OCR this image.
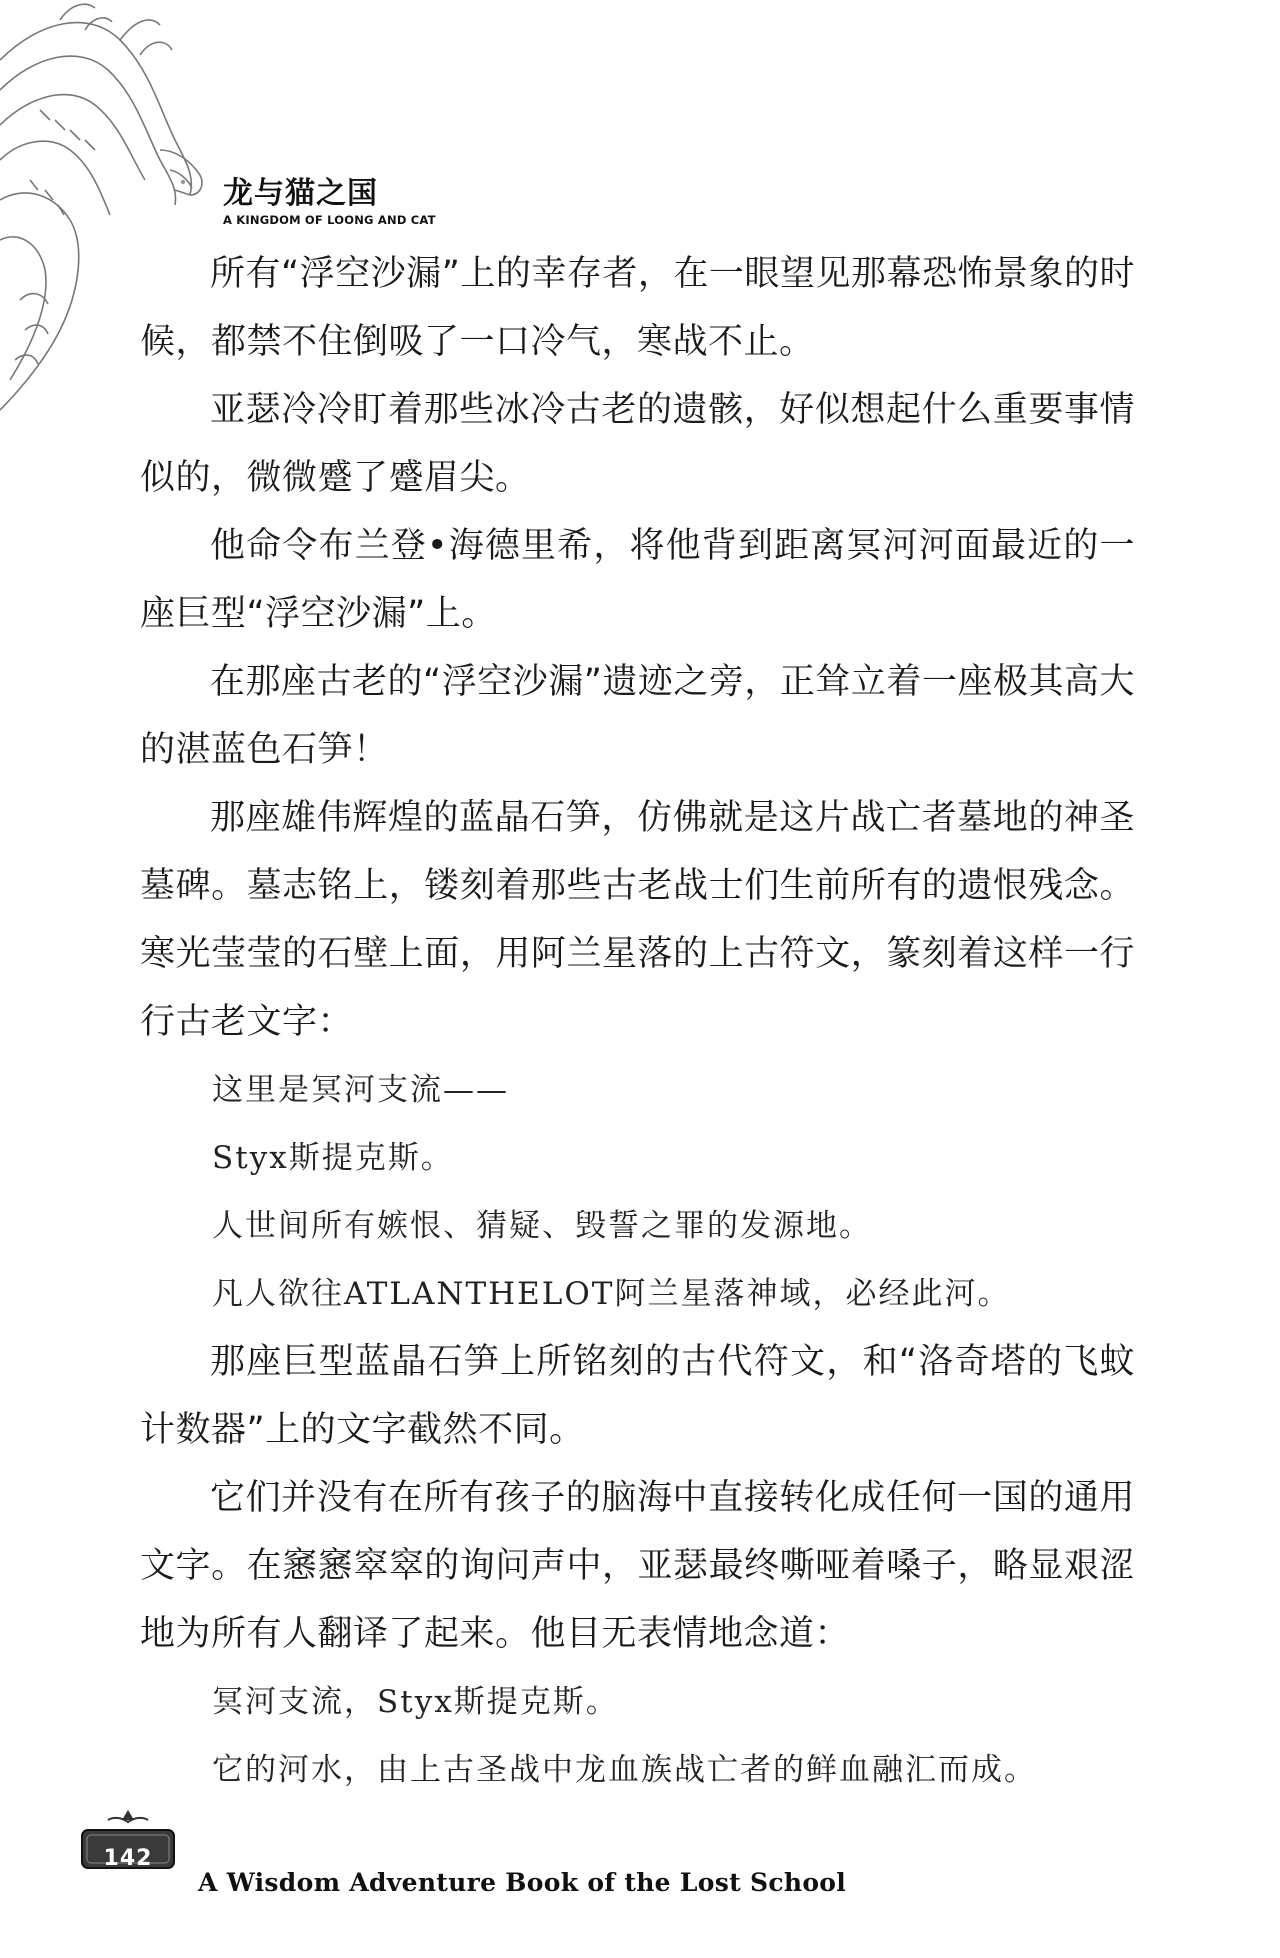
龙与猫之国
A KINGDOM OF LOONG AND CAT

所有“浮空沙漏”上的幸存者，在一眼望见那幕恐怖景象的时候，都禁不住倒吸了一口冷气，寒战不止。

亚瑟冷冷盯着那些冰冷古老的遗骸，好似想起什么重要事情似的，微微蹙了蹙眉尖。

他命令布兰登•海德里希，将他背到距离冥河河面最近的一座巨型“浮空沙漏”上。

在那座古老的“浮空沙漏”遗迹之旁，正耸立着一座极其高大的湛蓝色石笋！

那座雄伟辉煌的蓝晶石笋，仿佛就是这片战亡者墓地的神圣墓碑。墓志铭上，镂刻着那些古老战士们生前所有的遗恨残念。寒光莹莹的石壁上面，用阿兰星落的上古符文，篆刻着这样一行行古老文字：

这里是冥河支流——

Styx斯提克斯。

人世间所有嫉恨、猜疑、毁誓之罪的发源地。

凡人欲往ATLANTHELOT阿兰星落神域，必经此河。

那座巨型蓝晶石笋上所铭刻的古代符文，和“洛奇塔的飞蚊计数器”上的文字截然不同。

它们并没有在所有孩子的脑海中直接转化成任何一国的通用文字。在窸窸窣窣的询问声中，亚瑟最终嘶哑着嗓子，略显艰涩地为所有人翻译了起来。他目无表情地念道：

冥河支流，Styx斯提克斯。

它的河水，由上古圣战中龙血族战亡者的鲜血融汇而成。

142
A Wisdom Adventure Book of the Lost School
